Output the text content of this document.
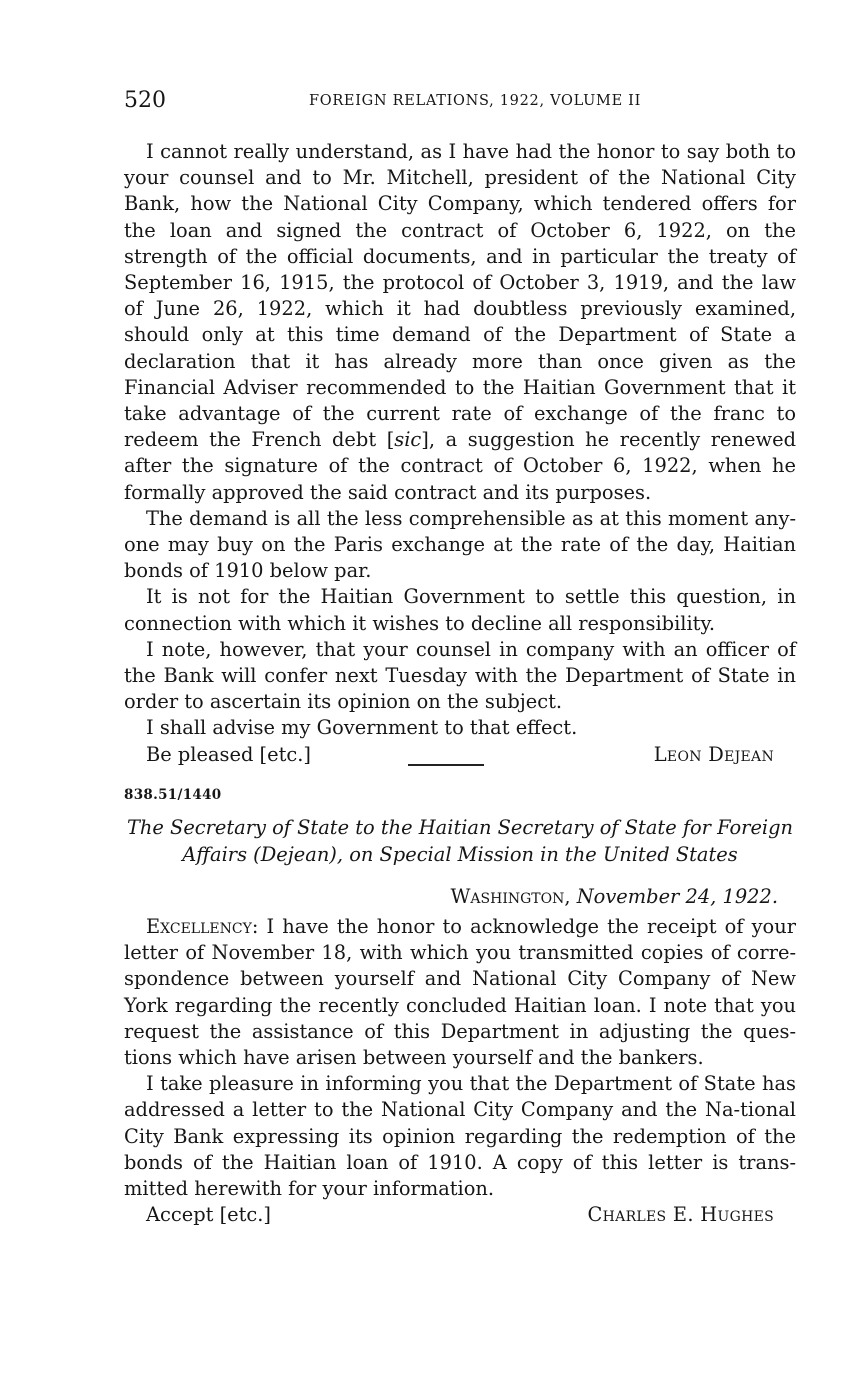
520	FOREIGN RELATIONS, 1922, VOLUME II

I cannot really understand, as I have had the honor to say both to your counsel and to Mr. Mitchell, president of the National City Bank, how the National City Company, which tendered offers for the loan and signed the contract of October 6, 1922, on the strength of the official documents, and in particular the treaty of September 16, 1915, the protocol of October 3, 1919, and the law of June 26, 1922, which it had doubtless previously examined, should only at this time demand of the Department of State a declaration that it has already more than once given as the Financial Adviser recommended to the Haitian Government that it take advantage of the current rate of exchange of the franc to redeem the French debt [sic], a suggestion he recently renewed after the signature of the contract of October 6, 1922, when he formally approved the said contract and its purposes.

The demand is all the less comprehensible as at this moment any-one may buy on the Paris exchange at the rate of the day, Haitian bonds of 1910 below par.

It is not for the Haitian Government to settle this question, in connection with which it wishes to decline all responsibility.

I note, however, that your counsel in company with an officer of the Bank will confer next Tuesday with the Department of State in order to ascertain its opinion on the subject.

I shall advise my Government to that effect.

Be pleased [etc.]	Leon Dejean
838.51/1440
The Secretary of State to the Haitian Secretary of State for Foreign
Affairs (Dejean), on Special Mission in the United States
Washington, November 24, 1922.

Excellency: I have the honor to acknowledge the receipt of your letter of November 18, with which you transmitted copies of corre-spondence between yourself and National City Company of New York regarding the recently concluded Haitian loan. I note that you request the assistance of this Department in adjusting the ques-tions which have arisen between yourself and the bankers.

I take pleasure in informing you that the Department of State has addressed a letter to the National City Company and the Na-tional City Bank expressing its opinion regarding the redemption of the bonds of the Haitian loan of 1910. A copy of this letter is trans-mitted herewith for your information.

Accept [etc.]	Charles E. Hughes
